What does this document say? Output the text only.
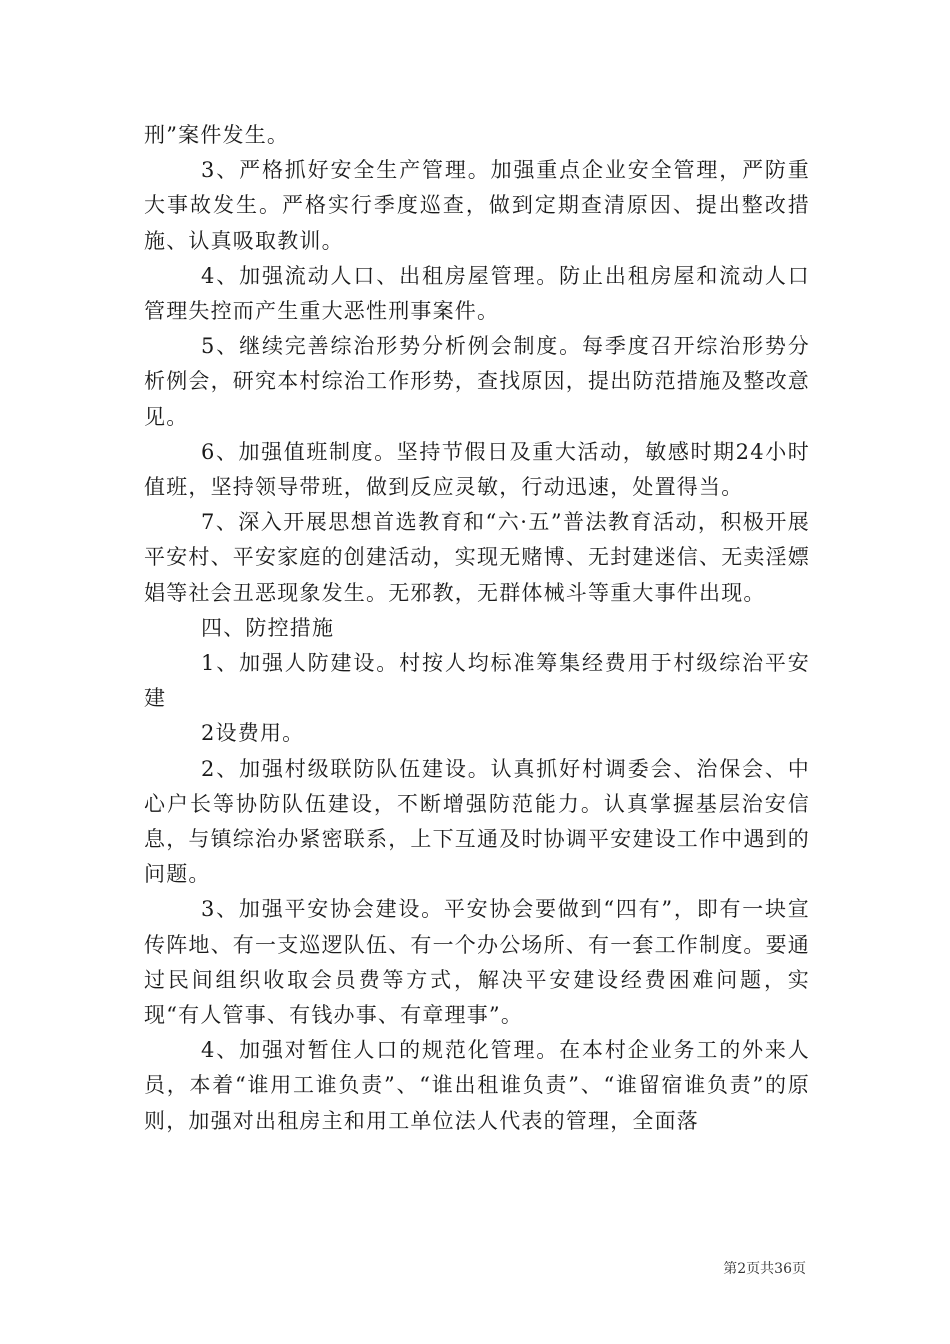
刑”案件发生。

3、严格抓好安全生产管理。加强重点企业安全管理，严防重大事故发生。严格实行季度巡查，做到定期查清原因、提出整改措施、认真吸取教训。

4、加强流动人口、出租房屋管理。防止出租房屋和流动人口管理失控而产生重大恶性刑事案件。

5、继续完善综治形势分析例会制度。每季度召开综治形势分析例会，研究本村综治工作形势，查找原因，提出防范措施及整改意见。

6、加强值班制度。坚持节假日及重大活动，敏感时期24小时值班，坚持领导带班，做到反应灵敏，行动迅速，处置得当。

7、深入开展思想首选教育和“六·五”普法教育活动，积极开展平安村、平安家庭的创建活动，实现无赌博、无封建迷信、无卖淫嫖娼等社会丑恶现象发生。无邪教，无群体械斗等重大事件出现。

四、防控措施

1、加强人防建设。村按人均标准筹集经费用于村级综治平安建

2设费用。

2、加强村级联防队伍建设。认真抓好村调委会、治保会、中心户长等协防队伍建设，不断增强防范能力。认真掌握基层治安信息，与镇综治办紧密联系，上下互通及时协调平安建设工作中遇到的问题。

3、加强平安协会建设。平安协会要做到“四有”，即有一块宣传阵地、有一支巡逻队伍、有一个办公场所、有一套工作制度。要通过民间组织收取会员费等方式，解决平安建设经费困难问题，实现“有人管事、有钱办事、有章理事”。

4、加强对暂住人口的规范化管理。在本村企业务工的外来人员，本着“谁用工谁负责”、“谁出租谁负责”、“谁留宿谁负责”的原则，加强对出租房主和用工单位法人代表的管理，全面落

第2页共36页
